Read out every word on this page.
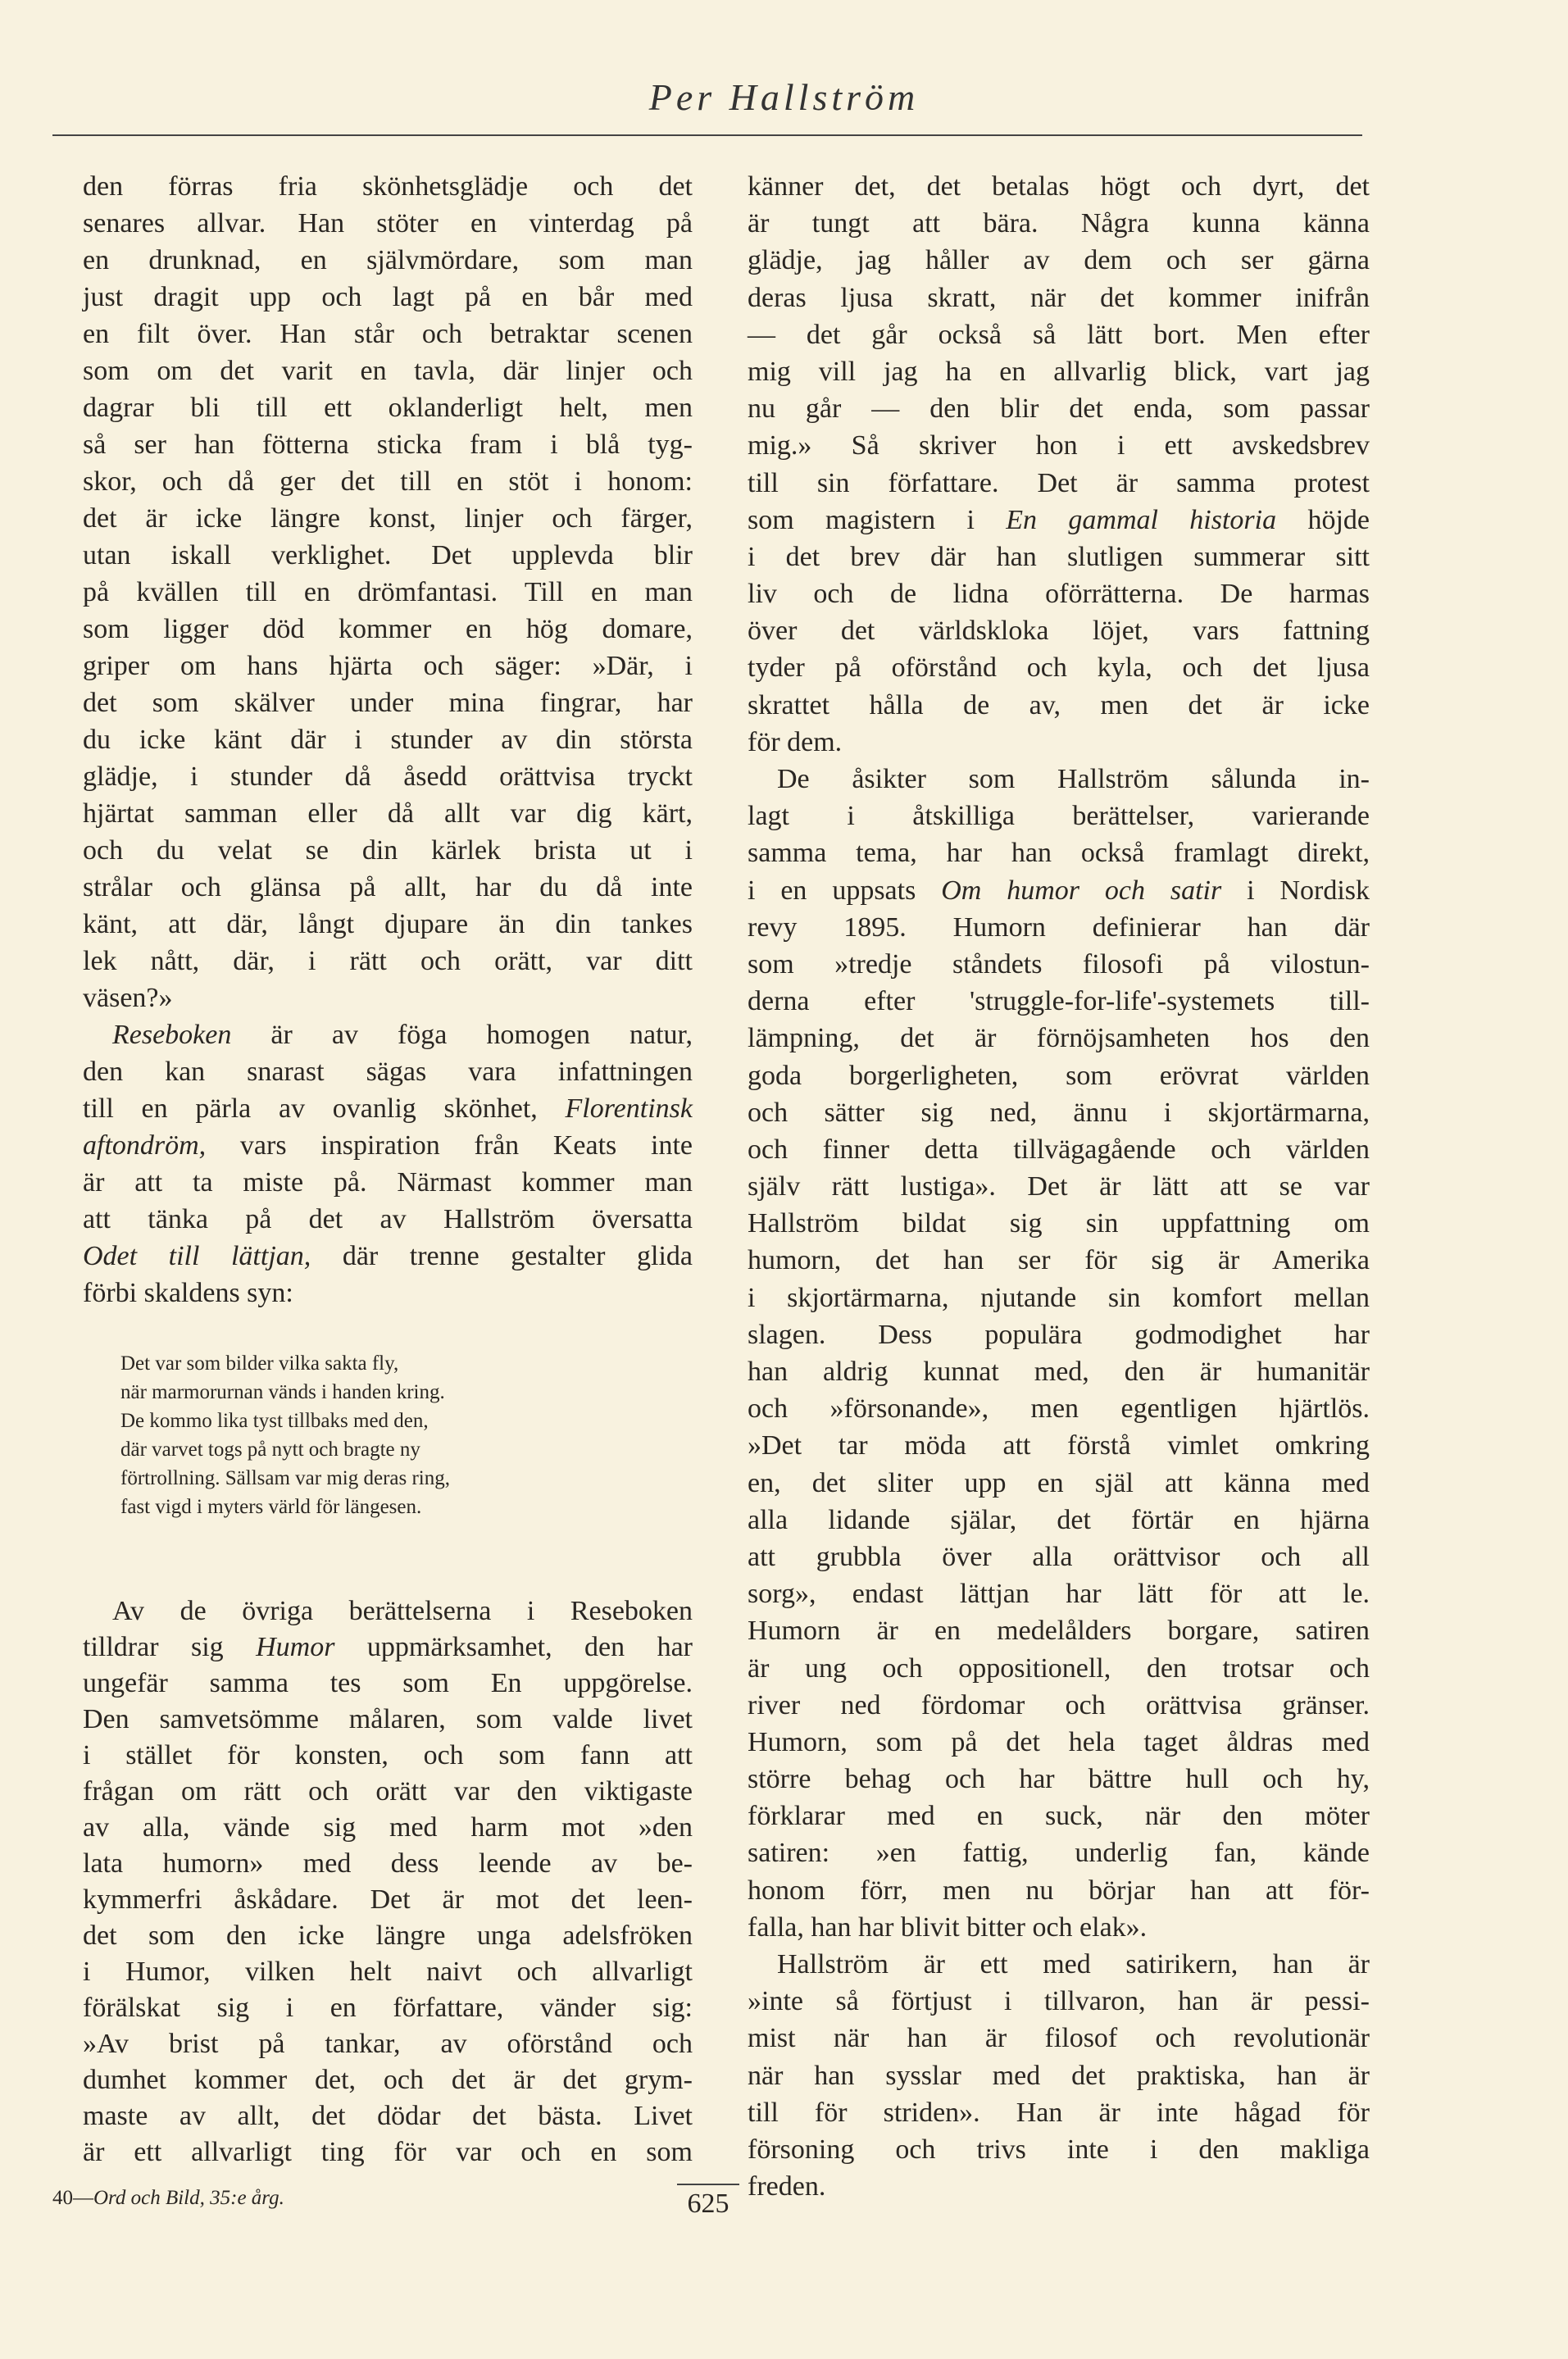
Per Hallström
den förras fria skönhetsglädje och det
senares allvar. Han stöter en vinterdag på
en drunknad, en självmördare, som man
just dragit upp och lagt på en bår med
en filt över. Han står och betraktar scenen
som om det varit en tavla, där linjer och
dagrar bli till ett oklanderligt helt, men
så ser han fötterna sticka fram i blå tyg-
skor, och då ger det till en stöt i honom:
det är icke längre konst, linjer och färger,
utan iskall verklighet. Det upplevda blir
på kvällen till en drömfantasi. Till en man
som ligger död kommer en hög domare,
griper om hans hjärta och säger: »Där, i
det som skälver under mina fingrar, har
du icke känt där i stunder av din största
glädje, i stunder då åsedd orättvisa tryckt
hjärtat samman eller då allt var dig kärt,
och du velat se din kärlek brista ut i
strålar och glänsa på allt, har du då inte
känt, att där, långt djupare än din tankes
lek nått, där, i rätt och orätt, var ditt
väsen?»
Reseboken är av föga homogen natur,
den kan snarast sägas vara infattningen
till en pärla av ovanlig skönhet, Florentinsk
aftondröm, vars inspiration från Keats inte
är att ta miste på. Närmast kommer man
att tänka på det av Hallström översatta
Odet till lättjan, där trenne gestalter glida
förbi skaldens syn:
Det var som bilder vilka sakta fly,
när marmorurnan vänds i handen kring.
De kommo lika tyst tillbaks med den,
där varvet togs på nytt och bragte ny
förtrollning. Sällsam var mig deras ring,
fast vigd i myters värld för längesen.
Av de övriga berättelserna i Reseboken
tilldrar sig Humor uppmärksamhet, den har
ungefär samma tes som En uppgörelse.
Den samvetsömme målaren, som valde livet
i stället för konsten, och som fann att
frågan om rätt och orätt var den viktigaste
av alla, vände sig med harm mot »den
lata humorn» med dess leende av be-
kymmerfri åskådare. Det är mot det leen-
det som den icke längre unga adelsfröken
i Humor, vilken helt naivt och allvarligt
förälskat sig i en författare, vänder sig:
»Av brist på tankar, av oförstånd och
dumhet kommer det, och det är det grym-
maste av allt, det dödar det bästa. Livet
är ett allvarligt ting för var och en som
känner det, det betalas högt och dyrt, det
är tungt att bära. Några kunna känna
glädje, jag håller av dem och ser gärna
deras ljusa skratt, när det kommer inifrån
— det går också så lätt bort. Men efter
mig vill jag ha en allvarlig blick, vart jag
nu går — den blir det enda, som passar
mig.» Så skriver hon i ett avskedsbrev
till sin författare. Det är samma protest
som magistern i En gammal historia höjde
i det brev där han slutligen summerar sitt
liv och de lidna oförrätterna. De harmas
över det världskloka löjet, vars fattning
tyder på oförstånd och kyla, och det ljusa
skrattet hålla de av, men det är icke
för dem.
De åsikter som Hallström sålunda in-
lagt i åtskilliga berättelser, varierande
samma tema, har han också framlagt direkt,
i en uppsats Om humor och satir i Nordisk
revy 1895. Humorn definierar han där
som »tredje ståndets filosofi på vilostun-
derna efter 'struggle-for-life'-systemets till-
lämpning, det är förnöjsamheten hos den
goda borgerligheten, som erövrat världen
och sätter sig ned, ännu i skjortärmarna,
och finner detta tillvägagående och världen
själv rätt lustiga». Det är lätt att se var
Hallström bildat sig sin uppfattning om
humorn, det han ser för sig är Amerika
i skjortärmarna, njutande sin komfort mellan
slagen. Dess populära godmodighet har
han aldrig kunnat med, den är humanitär
och »försonande», men egentligen hjärtlös.
»Det tar möda att förstå vimlet omkring
en, det sliter upp en själ att känna med
alla lidande själar, det förtär en hjärna
att grubbla över alla orättvisor och all
sorg», endast lättjan har lätt för att le.
Humorn är en medelålders borgare, satiren
är ung och oppositionell, den trotsar och
river ned fördomar och orättvisa gränser.
Humorn, som på det hela taget åldras med
större behag och har bättre hull och hy,
förklarar med en suck, när den möter
satiren: »en fattig, underlig fan, kände
honom förr, men nu börjar han att för-
falla, han har blivit bitter och elak».
Hallström är ett med satirikern, han är
»inte så förtjust i tillvaron, han är pessi-
mist när han är filosof och revolutionär
när han sysslar med det praktiska, han är
till för striden». Han är inte hågad för
försoning och trivs inte i den makliga
freden.
40—Ord och Bild, 35:e årg.	625
